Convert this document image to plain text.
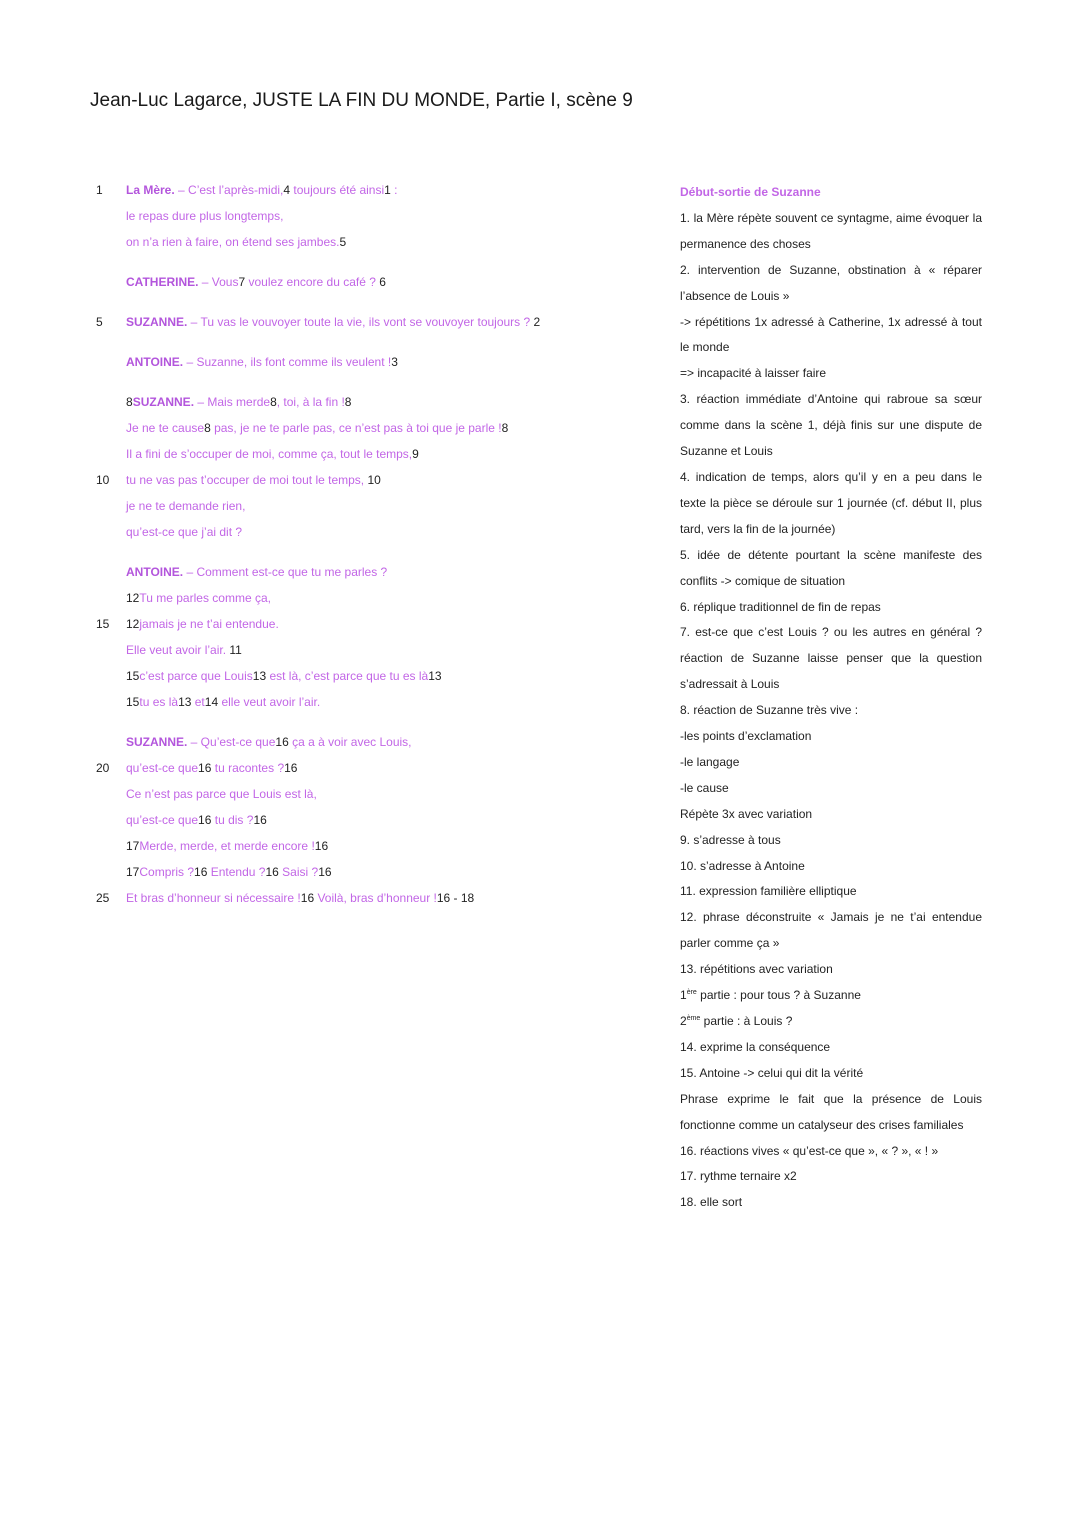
Jean-Luc Lagarce, JUSTE LA FIN DU MONDE, Partie I, scène 9
1	La Mère. – C’est l’après-midi,4 toujours été ainsi1 :
le repas dure plus longtemps,
on n’a rien à faire, on étend ses jambes.5
CATHERINE. – Vous7 voulez encore du café ? 6
5	SUZANNE. – Tu vas le vouvoyer toute la vie, ils vont se vouvoyer toujours ? 2
ANTOINE. – Suzanne, ils font comme ils veulent !3
8SUZANNE. – Mais merde8, toi, à la fin !8
Je ne te cause8 pas, je ne te parle pas, ce n’est pas à toi que je parle !8
Il a fini de s’occuper de moi, comme ça, tout le temps,9
10	tu ne vas pas t’occuper de moi tout le temps, 10
je ne te demande rien,
qu’est-ce que j’ai dit ?
ANTOINE. – Comment est-ce que tu me parles ?
12Tu me parles comme ça,
15	12jamais je ne t’ai entendue.
Elle veut avoir l’air. 11
15c’est parce que Louis13 est là, c’est parce que tu es là13
15tu es là13 et14 elle veut avoir l’air.
SUZANNE. – Qu’est-ce que16 ça a à voir avec Louis,
20	qu’est-ce que16 tu racontes ?16
Ce n’est pas parce que Louis est là,
qu’est-ce que16 tu dis ?16
17Merde, merde, et merde encore !16
17Compris ?16 Entendu ?16 Saisi ?16
25	Et bras d’honneur si nécessaire !16 Voilà, bras d’honneur !16 - 18
Début-sortie de Suzanne
1. la Mère répète souvent ce syntagme, aime évoquer la permanence des choses
2. intervention de Suzanne, obstination à « réparer l’absence de Louis »
-> répétitions 1x adressé à Catherine, 1x adressé à tout le monde
=> incapacité à laisser faire
3. réaction immédiate d’Antoine qui rabroue sa sœur comme dans la scène 1, déjà finis sur une dispute de Suzanne et Louis
4. indication de temps, alors qu’il y en a peu dans le texte la pièce se déroule sur 1 journée (cf. début II, plus tard, vers la fin de la journée)
5. idée de détente pourtant la scène manifeste des conflits -> comique de situation
6. réplique traditionnel de fin de repas
7. est-ce que c’est Louis ? ou les autres en général ? réaction de Suzanne laisse penser que la question s’adressait à Louis
8. réaction de Suzanne très vive :
-les points d’exclamation
-le langage
-le cause
Répète 3x avec variation
9. s’adresse à tous
10. s’adresse à Antoine
11. expression familière elliptique
12. phrase déconstruite « Jamais je ne t’ai entendue parler comme ça »
13. répétitions avec variation
1ère partie : pour tous ? à Suzanne
2ème partie : à Louis ?
14. exprime la conséquence
15. Antoine -> celui qui dit la vérité
Phrase exprime le fait que la présence de Louis fonctionne comme un catalyseur des crises familiales
16. réactions vives « qu’est-ce que », « ? », « ! »
17. rythme ternaire x2
18. elle sort
